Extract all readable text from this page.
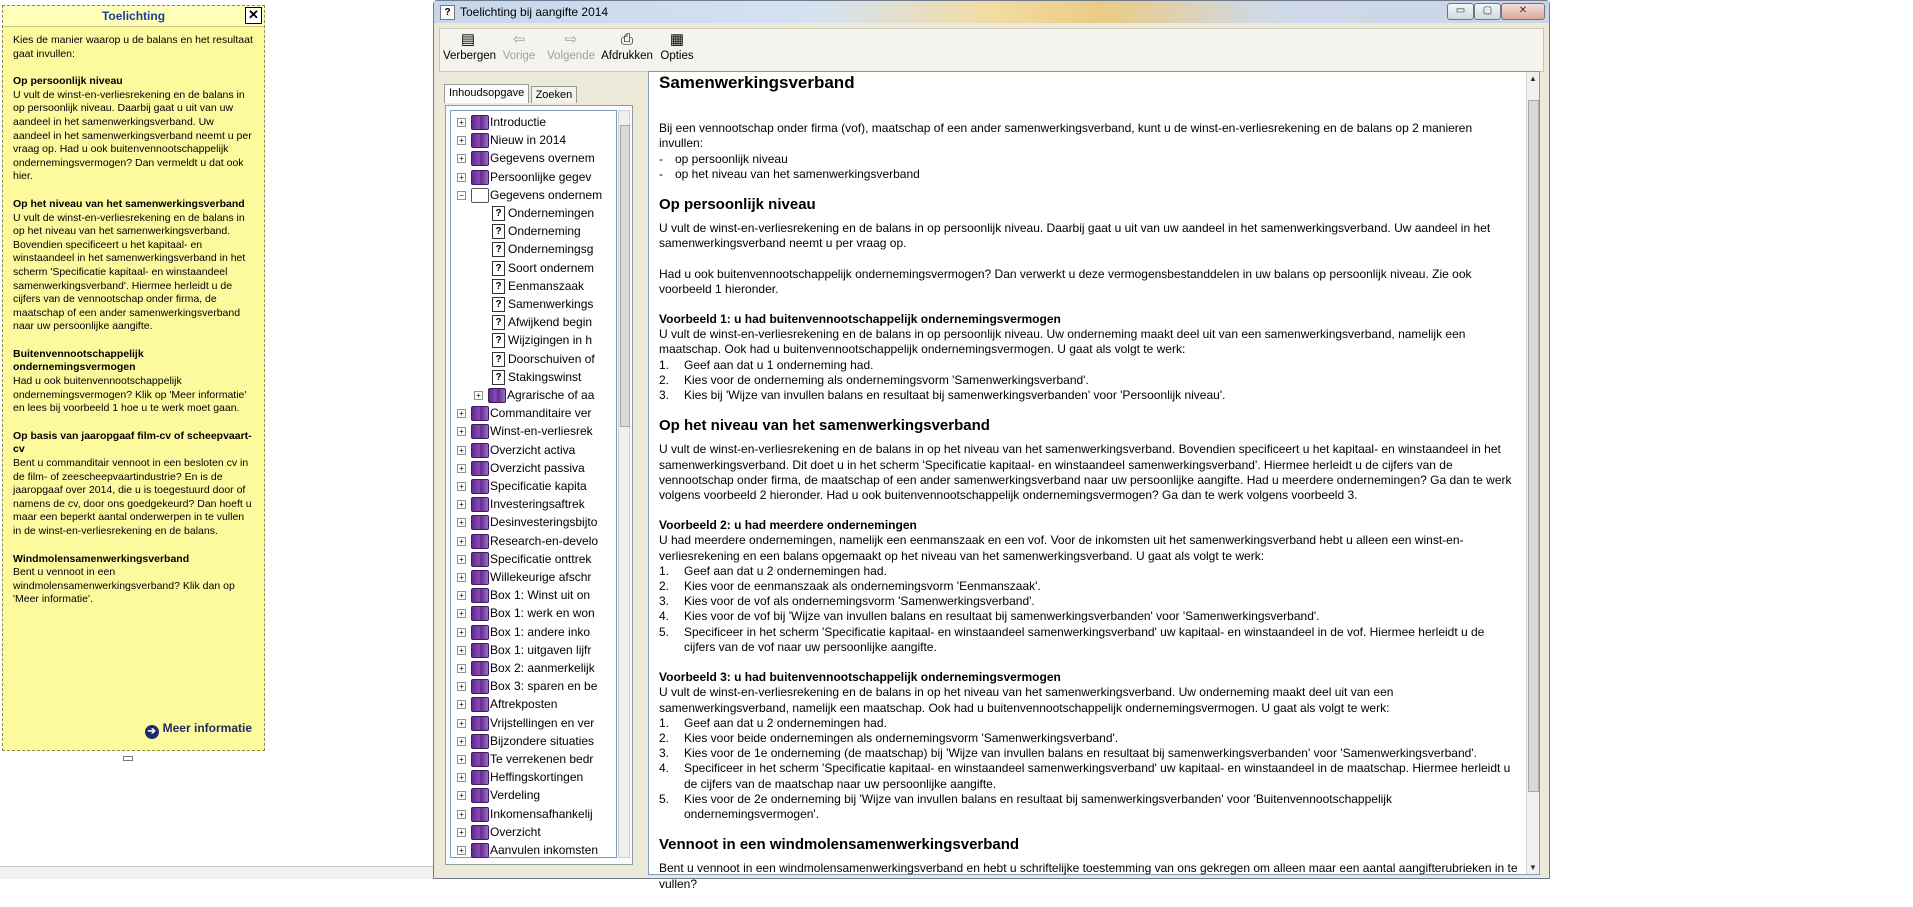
Toelichting	✕

Kies de manier waarop u de balans en het resultaat gaat invullen:

Op persoonlijk niveau
U vult de winst-en-verliesrekening en de balans in op persoonlijk niveau. Daarbij gaat u uit van uw aandeel in het samenwerkingsverband. Uw aandeel in het samenwerkingsverband neemt u per vraag op. Had u ook buitenvennootschappelijk ondernemingsvermogen? Dan vermeldt u dat ook hier.

Op het niveau van het samenwerkingsverband
U vult de winst-en-verliesrekening en de balans in op het niveau van het samenwerkingsverband. Bovendien specificeert u het kapitaal- en winstaandeel in het samenwerkingsverband in het scherm 'Specificatie kapitaal- en winstaandeel samenwerkingsverband'. Hiermee herleidt u de cijfers van de vennootschap onder firma, de maatschap of een ander samenwerkingsverband naar uw persoonlijke aangifte.

Buitenvennootschappelijk ondernemingsvermogen
Had u ook buitenvennootschappelijk ondernemingsvermogen? Klik op 'Meer informatie' en lees bij voorbeeld 1 hoe u te werk moet gaan.

Op basis van jaaropgaaf film-cv of scheepvaart-cv
Bent u commanditair vennoot in een besloten cv in de film- of zeescheepvaartindustrie? En is de jaaropgaaf over 2014, die u is toegestuurd door of namens de cv, door ons goedgekeurd? Dan hoeft u maar een beperkt aantal onderwerpen in te vullen in de winst-en-verliesrekening en de balans.

Windmolensamenwerkingsverband
Bent u vennoot in een windmolensamenwerkingsverband? Klik dan op 'Meer informatie'.

➔ Meer informatie
? Toelichting bij aangifte 2014	▭	▢	✕
▤
Verbergen
⇦
Vorige
⇨
Volgende
⎙
Afdrukken
▦
Opties
Inhoudsopgave Zoeken
+ Introductie
+ Nieuw in 2014
+ Gegevens overnem
+ Persoonlijke gegev
− Gegevens ondernem
? Ondernemingen
? Onderneming
? Ondernemingsg
? Soort ondernem
? Eenmanszaak
? Samenwerkings
? Afwijkend begin
? Wijzigingen in h
? Doorschuiven of
? Stakingswinst
+ Agrarische of aa
+ Commanditaire ver
+ Winst-en-verliesrek
+ Overzicht activa
+ Overzicht passiva
+ Specificatie kapita
+ Investeringsaftrek
+ Desinvesteringsbijto
+ Research-en-develo
+ Specificatie onttrek
+ Willekeurige afschr
+ Box 1: Winst uit on
+ Box 1: werk en won
+ Box 1: andere inko
+ Box 1: uitgaven lijfr
+ Box 2: aanmerkelijk
+ Box 3: sparen en be
+ Aftrekposten
+ Vrijstellingen en ver
+ Bijzondere situaties
+ Te verrekenen bedr
+ Heffingskortingen
+ Verdeling
+ Inkomensafhankelij
+ Overzicht
+ Aanvulen inkomsten
Samenwerkingsverband
Bij een vennootschap onder firma (vof), maatschap of een ander samenwerkingsverband, kunt u de winst-en-verliesrekening en de balans op 2 manieren invullen:
- op persoonlijk niveau
- op het niveau van het samenwerkingsverband
Op persoonlijk niveau

U vult de winst-en-verliesrekening en de balans in op persoonlijk niveau. Daarbij gaat u uit van uw aandeel in het samenwerkingsverband. Uw aandeel in het samenwerkingsverband neemt u per vraag op.

Had u ook buitenvennootschappelijk ondernemingsvermogen? Dan verwerkt u deze vermogensbestanddelen in uw balans op persoonlijk niveau. Zie ook voorbeeld 1 hieronder.

Voorbeeld 1: u had buitenvennootschappelijk ondernemingsvermogen
U vult de winst-en-verliesrekening en de balans in op persoonlijk niveau. Uw onderneming maakt deel uit van een samenwerkingsverband, namelijk een maatschap. Ook had u buitenvennootschappelijk ondernemingsvermogen. U gaat als volgt te werk:
1. Geef aan dat u 1 onderneming had.
2. Kies voor de onderneming als ondernemingsvorm 'Samenwerkingsverband'.
3. Kies bij 'Wijze van invullen balans en resultaat bij samenwerkingsverbanden' voor 'Persoonlijk niveau'.
Op het niveau van het samenwerkingsverband

U vult de winst-en-verliesrekening en de balans in op het niveau van het samenwerkingsverband. Bovendien specificeert u het kapitaal- en winstaandeel in het samenwerkingsverband. Dit doet u in het scherm 'Specificatie kapitaal- en winstaandeel samenwerkingsverband'. Hiermee herleidt u de cijfers van de vennootschap onder firma, de maatschap of een ander samenwerkingsverband naar uw persoonlijke aangifte. Had u meerdere ondernemingen? Ga dan te werk volgens voorbeeld 2 hieronder. Had u ook buitenvennootschappelijk ondernemingsvermogen? Ga dan te werk volgens voorbeeld 3.

Voorbeeld 2: u had meerdere ondernemingen
U had meerdere ondernemingen, namelijk een eenmanszaak en een vof. Voor de inkomsten uit het samenwerkingsverband hebt u alleen een winst-en-verliesrekening en een balans opgemaakt op het niveau van het samenwerkingsverband. U gaat als volgt te werk:
1. Geef aan dat u 2 ondernemingen had.
2. Kies voor de eenmanszaak als ondernemingsvorm 'Eenmanszaak'.
3. Kies voor de vof als ondernemingsvorm 'Samenwerkingsverband'.
4. Kies voor de vof bij 'Wijze van invullen balans en resultaat bij samenwerkingsverbanden' voor 'Samenwerkingsverband'.
5. Specificeer in het scherm 'Specificatie kapitaal- en winstaandeel samenwerkingsverband' uw kapitaal- en winstaandeel in de vof. Hiermee herleidt u de cijfers van de vof naar uw persoonlijke aangifte.
Voorbeeld 3: u had buitenvennootschappelijk ondernemingsvermogen
U vult de winst-en-verliesrekening en de balans in op het niveau van het samenwerkingsverband. Uw onderneming maakt deel uit van een samenwerkingsverband, namelijk een maatschap. Ook had u buitenvennootschappelijk ondernemingsvermogen. U gaat als volgt te werk:
1. Geef aan dat u 2 ondernemingen had.
2. Kies voor beide ondernemingen als ondernemingsvorm 'Samenwerkingsverband'.
3. Kies voor de 1e onderneming (de maatschap) bij 'Wijze van invullen balans en resultaat bij samenwerkingsverbanden' voor 'Samenwerkingsverband'.
4. Specificeer in het scherm 'Specificatie kapitaal- en winstaandeel samenwerkingsverband' uw kapitaal- en winstaandeel in de maatschap. Hiermee herleidt u de cijfers van de maatschap naar uw persoonlijke aangifte.
5. Kies voor de 2e onderneming bij 'Wijze van invullen balans en resultaat bij samenwerkingsverbanden' voor 'Buitenvennootschappelijk ondernemingsvermogen'.
Vennoot in een windmolensamenwerkingsverband

Bent u vennoot in een windmolensamenwerkingsverband en hebt u schriftelijke toestemming van ons gekregen om alleen maar een aantal aangifterubrieken in te vullen?

▲
▼
